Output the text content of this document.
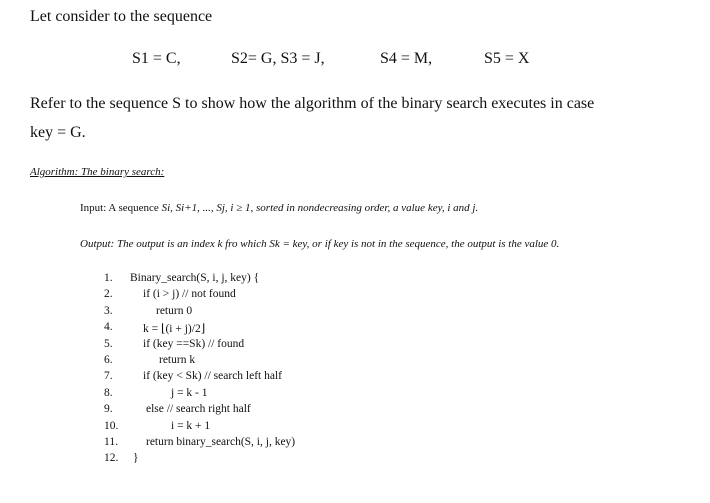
Let consider to the sequence
S1 = C,	S2= G, S3 = J,	S4 = M,	S5 = X
Refer to the sequence S to show how the algorithm of the binary search executes in case
key = G.
Algorithm: The binary search:
Input: A sequence Si, Si+1, ..., Sj, i ≥ 1, sorted in nondecreasing order, a value key, i and j.
Output: The output is an index k fro which Sk = key, or if key is not in the sequence, the output is the value 0.
1. Binary_search(S, i, j, key) {
2.	if (i > j) // not found
3.	return 0
4.	k = ⌊(i + j)/2⌋
5.	if (key ==Sk) // found
6.	return k
7.	if (key < Sk) // search left half
8.	j = k - 1
9.	else // search right half
10.	i = k + 1
11. return binary_search(S, i, j, key)
12. }
